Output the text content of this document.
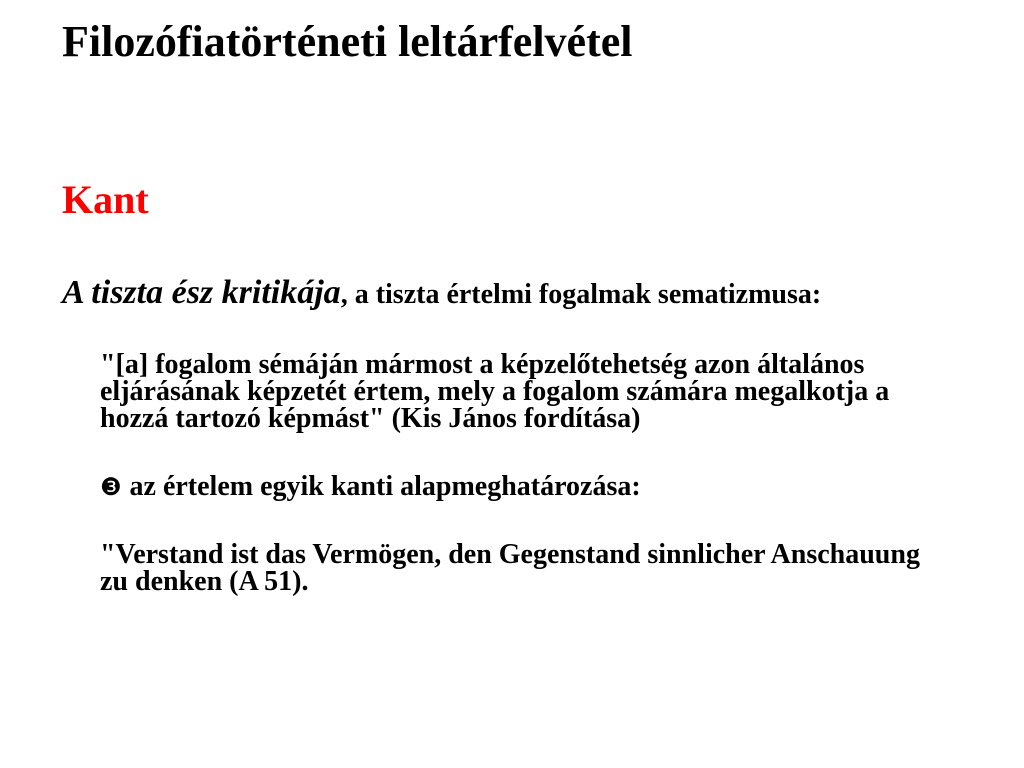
Filozófiatörténeti leltárfelvétel
Kant

A tiszta ész kritikája, a tiszta értelmi fogalmak sematizmusa:

"[a] fogalom sémáján mármost a képzelőtehetség azon általános eljárásának képzetét értem, mely a fogalom számára megalkotja a hozzá tartozó képmást" (Kis János fordítása)

❸ az értelem egyik kanti alapmeghatározása:

"Verstand ist das Vermögen, den Gegenstand sinnlicher Anschauung zu denken (A 51).
